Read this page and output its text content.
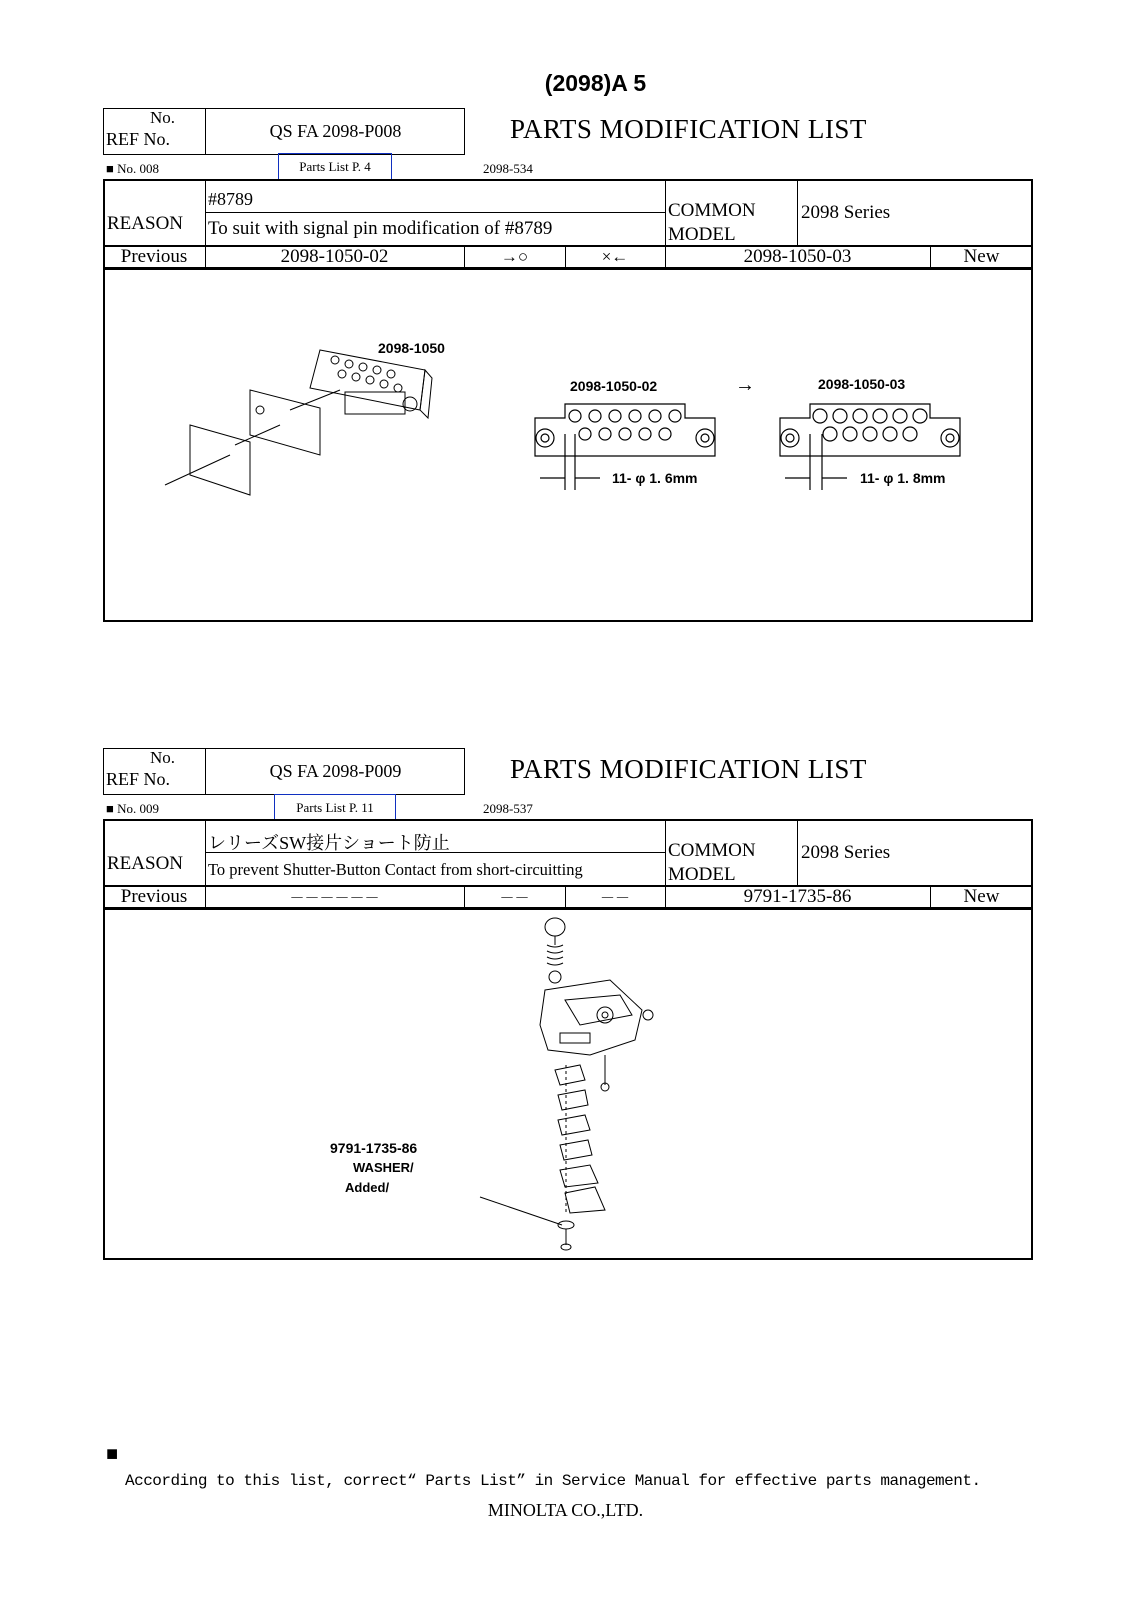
(2098)A 5
No.
REF No.	QS FA 2098-P008	PARTS MODIFICATION LIST
■ No. 008	Parts List P. 4	2098-534
REASON
#8789
To suit with signal pin modification of #8789
COMMON
MODEL
2098 Series
Previous	2098-1050-02	→○	×←	2098-1050-03	New
2098-1050
2098-1050-02	→	2098-1050-03
11- φ 1. 6mm	11- φ 1. 8mm
No.
REF No.	QS FA 2098-P009	PARTS MODIFICATION LIST
■ No. 009	Parts List P. 11	2098-537
REASON
レリーズSW接片ショート防止
To prevent Shutter-Button Contact from short-circuitting
COMMON
MODEL
2098 Series
Previous	－－－－－－	－－	－－	9791-1735-86	New
9791-1735-86
WASHER/
Added/
■
According to this list, correct“ Parts List” in Service Manual for effective parts management.
MINOLTA CO.,LTD.
